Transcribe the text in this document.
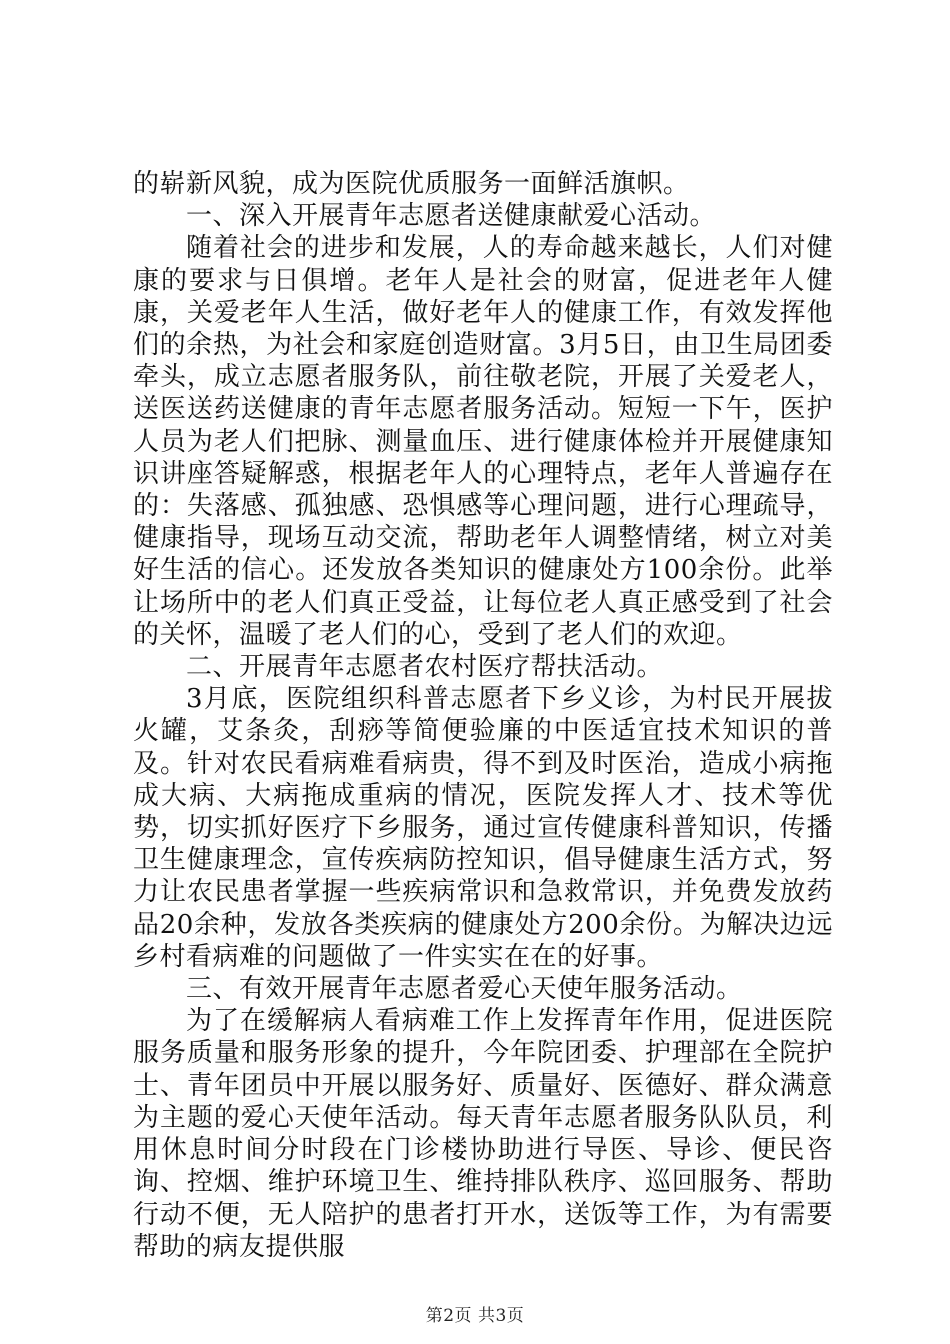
的崭新风貌，成为医院优质服务一面鲜活旗帜。

一、深入开展青年志愿者送健康献爱心活动。

随着社会的进步和发展，人的寿命越来越长，人们对健康的要求与日俱增。老年人是社会的财富，促进老年人健康，关爱老年人生活，做好老年人的健康工作，有效发挥他们的余热，为社会和家庭创造财富。3月5日，由卫生局团委牵头，成立志愿者服务队，前往敬老院，开展了关爱老人，送医送药送健康的青年志愿者服务活动。短短一下午，医护人员为老人们把脉、测量血压、进行健康体检并开展健康知识讲座答疑解惑，根据老年人的心理特点，老年人普遍存在的：失落感、孤独感、恐惧感等心理问题，进行心理疏导，健康指导，现场互动交流，帮助老年人调整情绪，树立对美好生活的信心。还发放各类知识的健康处方100余份。此举让场所中的老人们真正受益，让每位老人真正感受到了社会的关怀，温暖了老人们的心，受到了老人们的欢迎。

二、开展青年志愿者农村医疗帮扶活动。

3月底，医院组织科普志愿者下乡义诊，为村民开展拔火罐，艾条灸，刮痧等简便验廉的中医适宜技术知识的普及。针对农民看病难看病贵，得不到及时医治，造成小病拖成大病、大病拖成重病的情况，医院发挥人才、技术等优势，切实抓好医疗下乡服务，通过宣传健康科普知识，传播卫生健康理念，宣传疾病防控知识，倡导健康生活方式，努力让农民患者掌握一些疾病常识和急救常识，并免费发放药品20余种，发放各类疾病的健康处方200余份。为解决边远乡村看病难的问题做了一件实实在在的好事。

三、有效开展青年志愿者爱心天使年服务活动。

为了在缓解病人看病难工作上发挥青年作用，促进医院服务质量和服务形象的提升，今年院团委、护理部在全院护士、青年团员中开展以服务好、质量好、医德好、群众满意为主题的爱心天使年活动。每天青年志愿者服务队队员，利用休息时间分时段在门诊楼协助进行导医、导诊、便民咨询、控烟、维护环境卫生、维持排队秩序、巡回服务、帮助行动不便，无人陪护的患者打开水，送饭等工作，为有需要帮助的病友提供服

第2页 共3页
